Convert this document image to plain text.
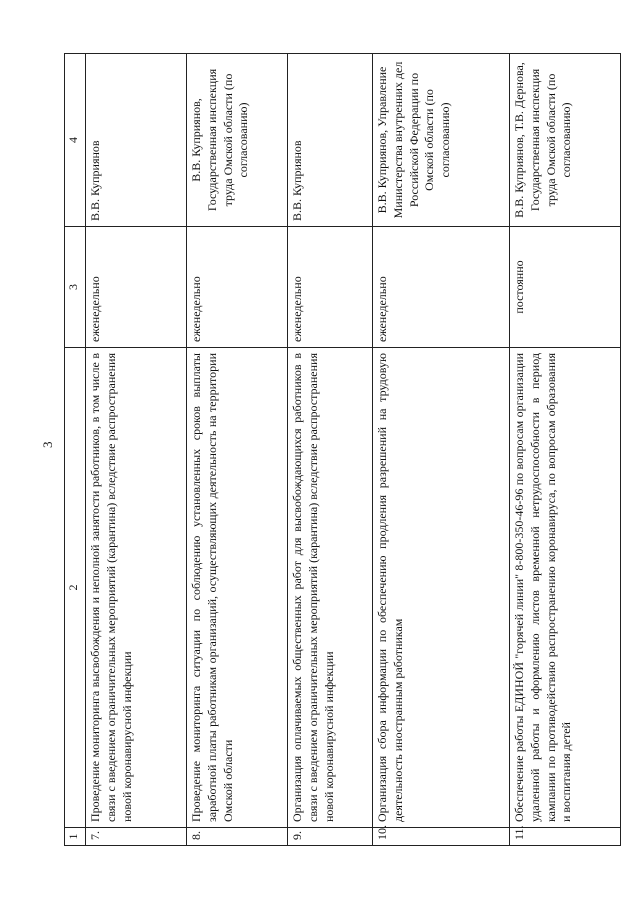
3
1	2	3	4
7.	Проведение мониторинга высвобождения и неполной занятости работников, в том числе в связи с введением ограничительных мероприятий (карантина) вследствие распространения новой коронавирусной инфекции	еженедельно	В.В. Куприянов
8.	Проведение мониторинга ситуации по соблюдению установленных сроков выплаты заработной платы работникам организаций, осуществляющих деятельность на территории Омской области	еженедельно	В.В. Куприянов, Государственная инспекция труда Омской области (по согласованию)
9.	Организация оплачиваемых общественных работ для высвобождающихся работников в связи с введением ограничительных мероприятий (карантина) вследствие распространения новой коронавирусной инфекции	еженедельно	В.В. Куприянов
10.	Организация сбора информации по обеспечению продления разрешений на трудовую деятельность иностранным работникам	еженедельно	В.В. Куприянов, Управление Министерства внутренних дел Российской Федерации по Омской области (по согласованию)
11.	Обеспечение работы ЕДИНОЙ "горячей линии" 8-800-350-46-96 по вопросам организации удаленной работы и оформлению листов временной нетрудоспособности в период кампании по противодействию распространению коронавируса, по вопросам образования и воспитания детей	постоянно	В.В. Куприянов, Т.В. Дернова, Государственная инспекция труда Омской области (по согласованию)
